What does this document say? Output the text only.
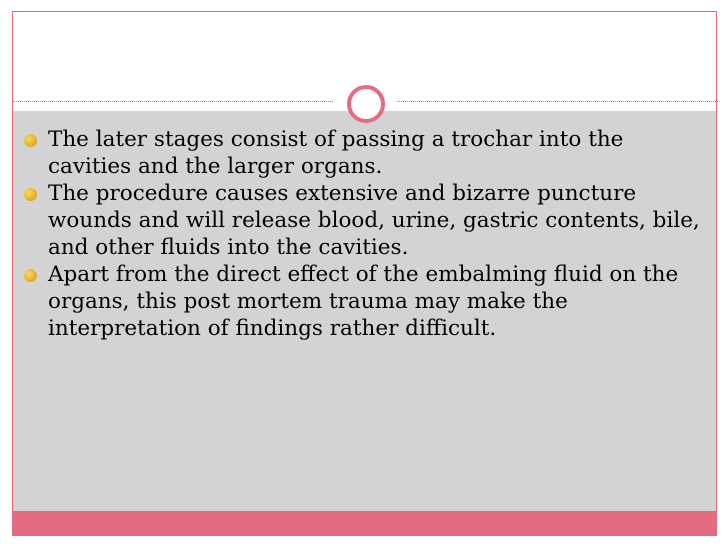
The later stages consist of passing a trochar into the cavities and the larger organs.
The procedure causes extensive and bizarre puncture wounds and will release blood, urine, gastric contents, bile, and other fluids into the cavities.
Apart from the direct effect of the embalming fluid on the organs, this post mortem trauma may make the interpretation of findings rather difficult.
